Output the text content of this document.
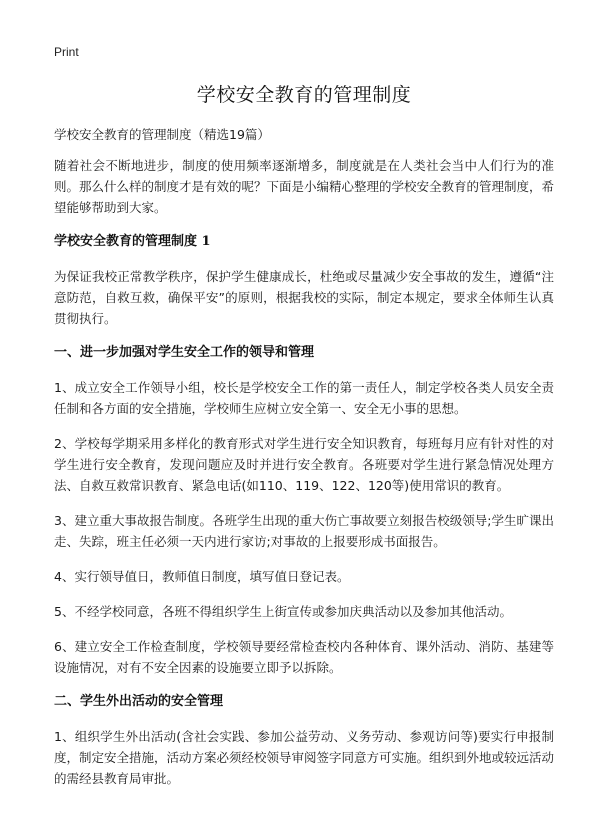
Print
学校安全教育的管理制度

学校安全教育的管理制度（精选19篇）

随着社会不断地进步，制度的使用频率逐渐增多，制度就是在人类社会当中人们行为的准则。那么什么样的制度才是有效的呢？下面是小编精心整理的学校安全教育的管理制度，希望能够帮助到大家。

学校安全教育的管理制度 1

为保证我校正常教学秩序，保护学生健康成长，杜绝或尽量减少安全事故的发生，遵循“注意防范，自救互救，确保平安”的原则，根据我校的实际，制定本规定，要求全体师生认真贯彻执行。

一、进一步加强对学生安全工作的领导和管理

1、成立安全工作领导小组，校长是学校安全工作的第一责任人，制定学校各类人员安全责任制和各方面的安全措施，学校师生应树立安全第一、安全无小事的思想。

2、学校每学期采用多样化的教育形式对学生进行安全知识教育，每班每月应有针对性的对学生进行安全教育，发现问题应及时并进行安全教育。各班要对学生进行紧急情况处理方法、自救互救常识教育、紧急电话(如110、119、122、120等)使用常识的教育。

3、建立重大事故报告制度。各班学生出现的重大伤亡事故要立刻报告校级领导;学生旷课出走、失踪，班主任必须一天内进行家访;对事故的上报要形成书面报告。

4、实行领导值日，教师值日制度，填写值日登记表。

5、不经学校同意，各班不得组织学生上街宣传或参加庆典活动以及参加其他活动。

6、建立安全工作检查制度，学校领导要经常检查校内各种体育、课外活动、消防、基建等设施情况，对有不安全因素的设施要立即予以拆除。

二、学生外出活动的安全管理

1、组织学生外出活动(含社会实践、参加公益劳动、义务劳动、参观访问等)要实行申报制度，制定安全措施，活动方案必须经校领导审阅签字同意方可实施。组织到外地或较远活动的需经县教育局审批。
